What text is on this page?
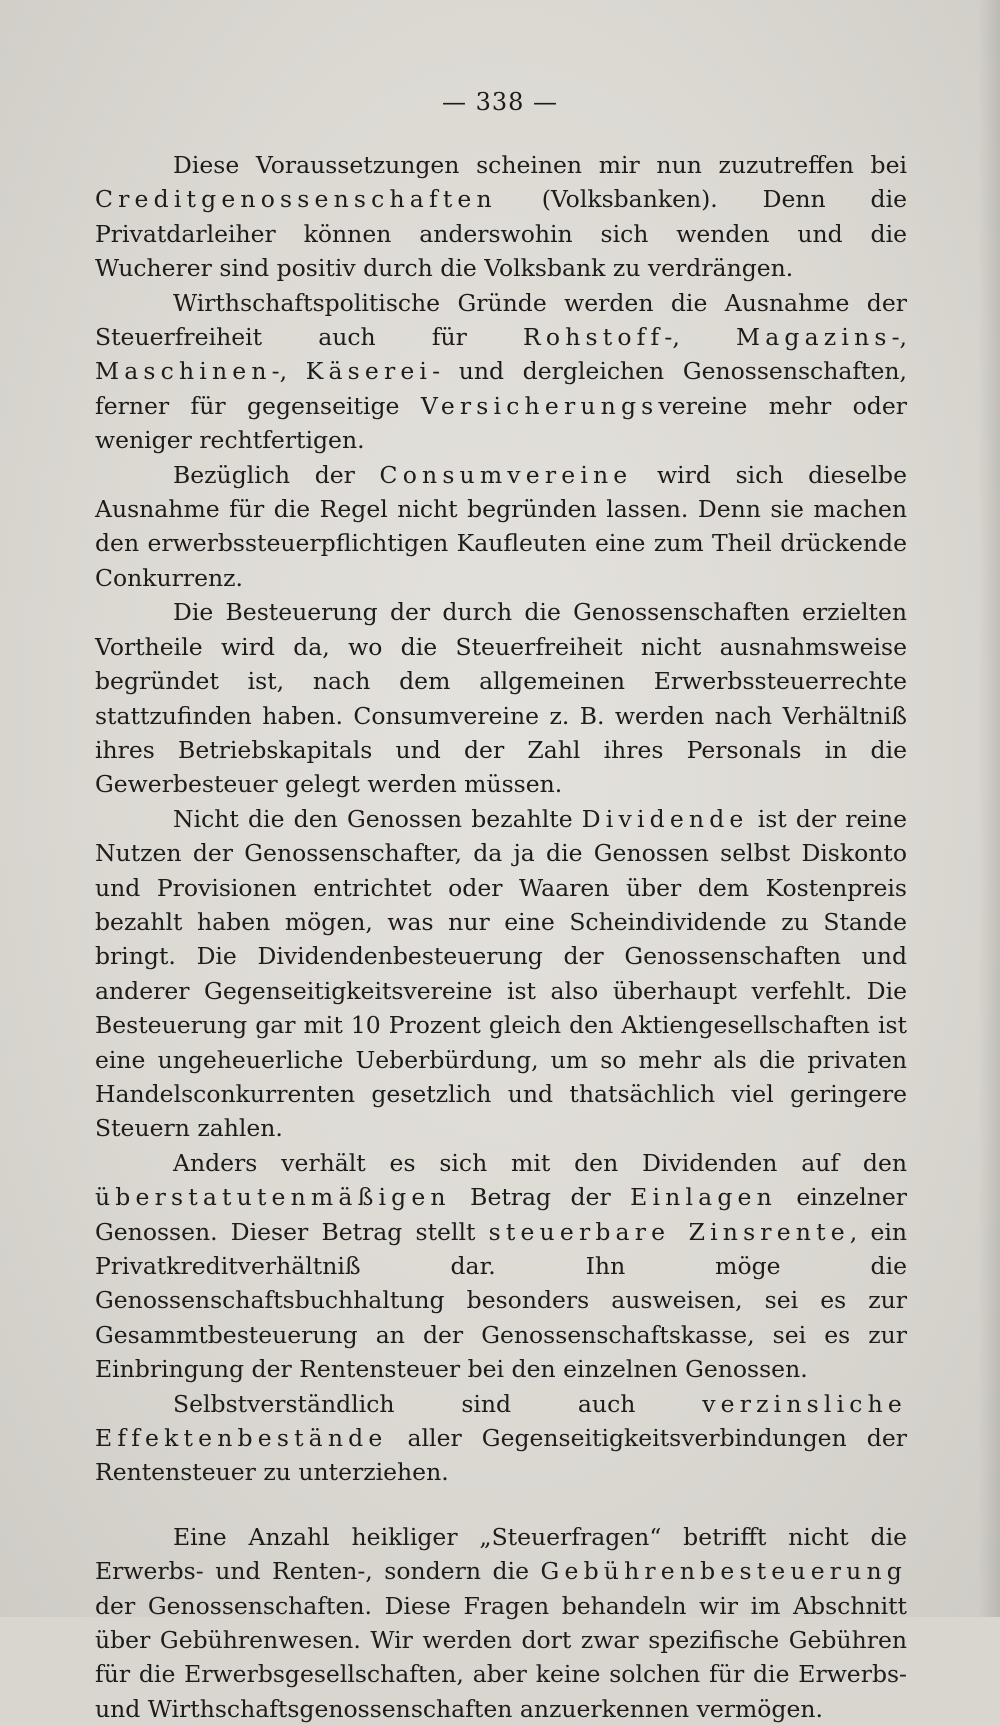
— 338 —

Diese Voraussetzungen scheinen mir nun zuzutreffen bei Creditgenossenschaften (Volksbanken). Denn die Privatdarleiher können anderswohin sich wenden und die Wucherer sind positiv durch die Volksbank zu verdrängen.

Wirthschaftspolitische Gründe werden die Ausnahme der Steuerfreiheit auch für Rohstoff-, Magazins-, Maschinen-, Käserei- und dergleichen Genossenschaften, ferner für gegenseitige Versicherungsvereine mehr oder weniger rechtfertigen.

Bezüglich der Consumvereine wird sich dieselbe Ausnahme für die Regel nicht begründen lassen. Denn sie machen den erwerbssteuerpflichtigen Kaufleuten eine zum Theil drückende Conkurrenz.

Die Besteuerung der durch die Genossenschaften erzielten Vortheile wird da, wo die Steuerfreiheit nicht ausnahmsweise begründet ist, nach dem allgemeinen Erwerbssteuerrechte stattzufinden haben. Consumvereine z. B. werden nach Verhältniß ihres Betriebskapitals und der Zahl ihres Personals in die Gewerbesteuer gelegt werden müssen.

Nicht die den Genossen bezahlte Dividende ist der reine Nutzen der Genossenschafter, da ja die Genossen selbst Diskonto und Provisionen entrichtet oder Waaren über dem Kostenpreis bezahlt haben mögen, was nur eine Scheindividende zu Stande bringt. Die Dividendenbesteuerung der Genossenschaften und anderer Gegenseitigkeitsvereine ist also überhaupt verfehlt. Die Besteuerung gar mit 10 Prozent gleich den Aktiengesellschaften ist eine ungeheuerliche Ueberbürdung, um so mehr als die privaten Handelsconkurrenten gesetzlich und thatsächlich viel geringere Steuern zahlen.

Anders verhält es sich mit den Dividenden auf den überstatutenmäßigen Betrag der Einlagen einzelner Genossen. Dieser Betrag stellt steuerbare Zinsrente, ein Privatkreditverhältniß dar. Ihn möge die Genossenschaftsbuchhaltung besonders ausweisen, sei es zur Gesammtbesteuerung an der Genossenschaftskasse, sei es zur Einbringung der Rentensteuer bei den einzelnen Genossen.

Selbstverständlich sind auch verzinsliche Effektenbestände aller Gegenseitigkeitsverbindungen der Rentensteuer zu unterziehen.

Eine Anzahl heikliger „Steuerfragen“ betrifft nicht die Erwerbs- und Renten-, sondern die Gebührenbesteuerung der Genossenschaften. Diese Fragen behandeln wir im Abschnitt über Gebührenwesen. Wir werden dort zwar spezifische Gebühren für die Erwerbsgesellschaften, aber keine solchen für die Erwerbs- und Wirthschaftsgenossenschaften anzuerkennen vermögen.
